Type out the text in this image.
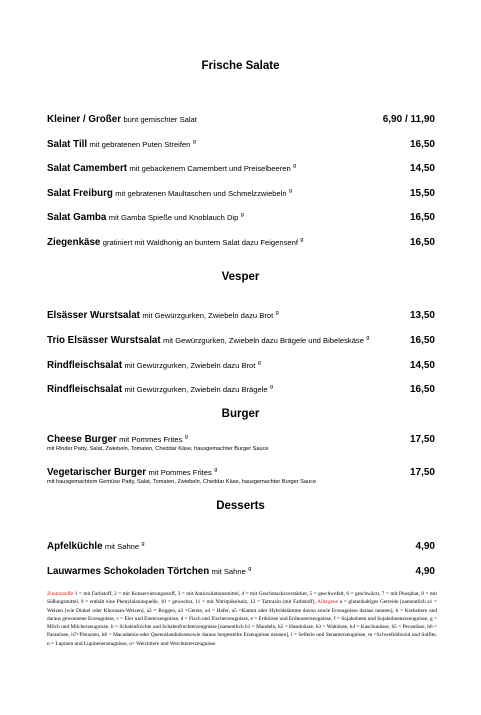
Frische Salate
Kleiner / Großer bunt gemischter Salat	6,90 / 11,90
Salat Till mit gebratenen Puten Streifen $^g$	16,50
Salat Camembert mit gebackenem Camembert und Preiselbeeren $^g$	14,50
Salat Freiburg mit gebratenen Maultaschen und Schmelzzwiebeln $^g$	15,50
Salat Gamba mit Gamba Spieße und Knoblauch Dip $^g$	16,50
Ziegenkäse gratiniert mit Waldhonig an buntem Salat dazu Feigensenf $^g$	16,50
Vesper
Elsässer Wurstsalat mit Gewürzgurken, Zwiebeln dazu Brot $^g$	13,50
Trio Elsässer Wurstsalat mit Gewürzgurken, Zwiebeln dazu Brägele und Bibeleskäse $^g$	16,50
Rindfleischsalat mit Gewürzgurken, Zwiebeln dazu Brot $^g$	14,50
Rindfleischsalat mit Gewürzgurken, Zwiebeln dazu Brägele $^g$	16,50
Burger
Cheese Burger mit Pommes Frites $^g$	17,50
mit Rinder Patty, Salat, Zwiebeln, Tomaten, Cheddar Käse, hausgemachter Burger Sauce
Vegetarischer Burger mit Pommes Frites $^g$	17,50
mit hausgemachtem Gemüse Patty, Salat, Tomaten, Zwiebeln, Cheddar Käse, hausgemachter Burger Sauce
Desserts
Apfelküchle mit Sahne $^g$	4,90
Lauwarmes Schokoladen Törtchen mit Sahne $^g$	4,90
Zusatzstoffe 1 = mit Farbstoff, 2 = mit Konservierungsstoff, 3 = mit Antioxidationsmittel, 4 = mit Geschmacksverstärker, 5 = geschwefelt, 6 = geschwärzt, 7 = mit Phosphat, 8 = mit Süßungsmittel, 9 = enthält eine Phenylalaninquelle, 10 = gewachst, 11 = mit Nitritpökelsalz, 12 = Tartrazin (mit Farbstoff), Allergene a = glutenhaltiges Getreide [namentlich a1 = Weizen (wie Dinkel oder Khorasan-Weizen), a2 = Roggen, a3 =Gerste, a4 = Hafer, a5 =Kamut oder Hybridstämme davon sowie Erzeugnisse daraus nennen], b = Krebstiere und daraus gewonnene Erzeugnisse, c = Eier und Eiererzeugnisse, d = Fisch und Fischerzeugnisse, e = Erdnüsse und Erdnusserzeugnisse, f = Sojabohnen und Sojabohnenerzeugnisse, g = Milch und Milcherzeugnisse, h = Schalenfrüchte und Schalenfruchterzeugnisse [namentlich h1 = Mandeln, h2 = Haselnüsse, h3 = Walnüsse, h4 = Kaschunüsse, h5 = Pecanüsse, h6 = Paranüsse, h7=Pistazien, h8 = Macadamia-oder Queenslandnüssesowie daraus hergestellte Erzeugnisse nennen], i = Sellerie und Senamerzeugnisse, m =Schwefeldioxid und Sulfite, n = Lupinen und Lupinenerzeugnisse, o= Weichtiere und Weichtiererzeugnisse
